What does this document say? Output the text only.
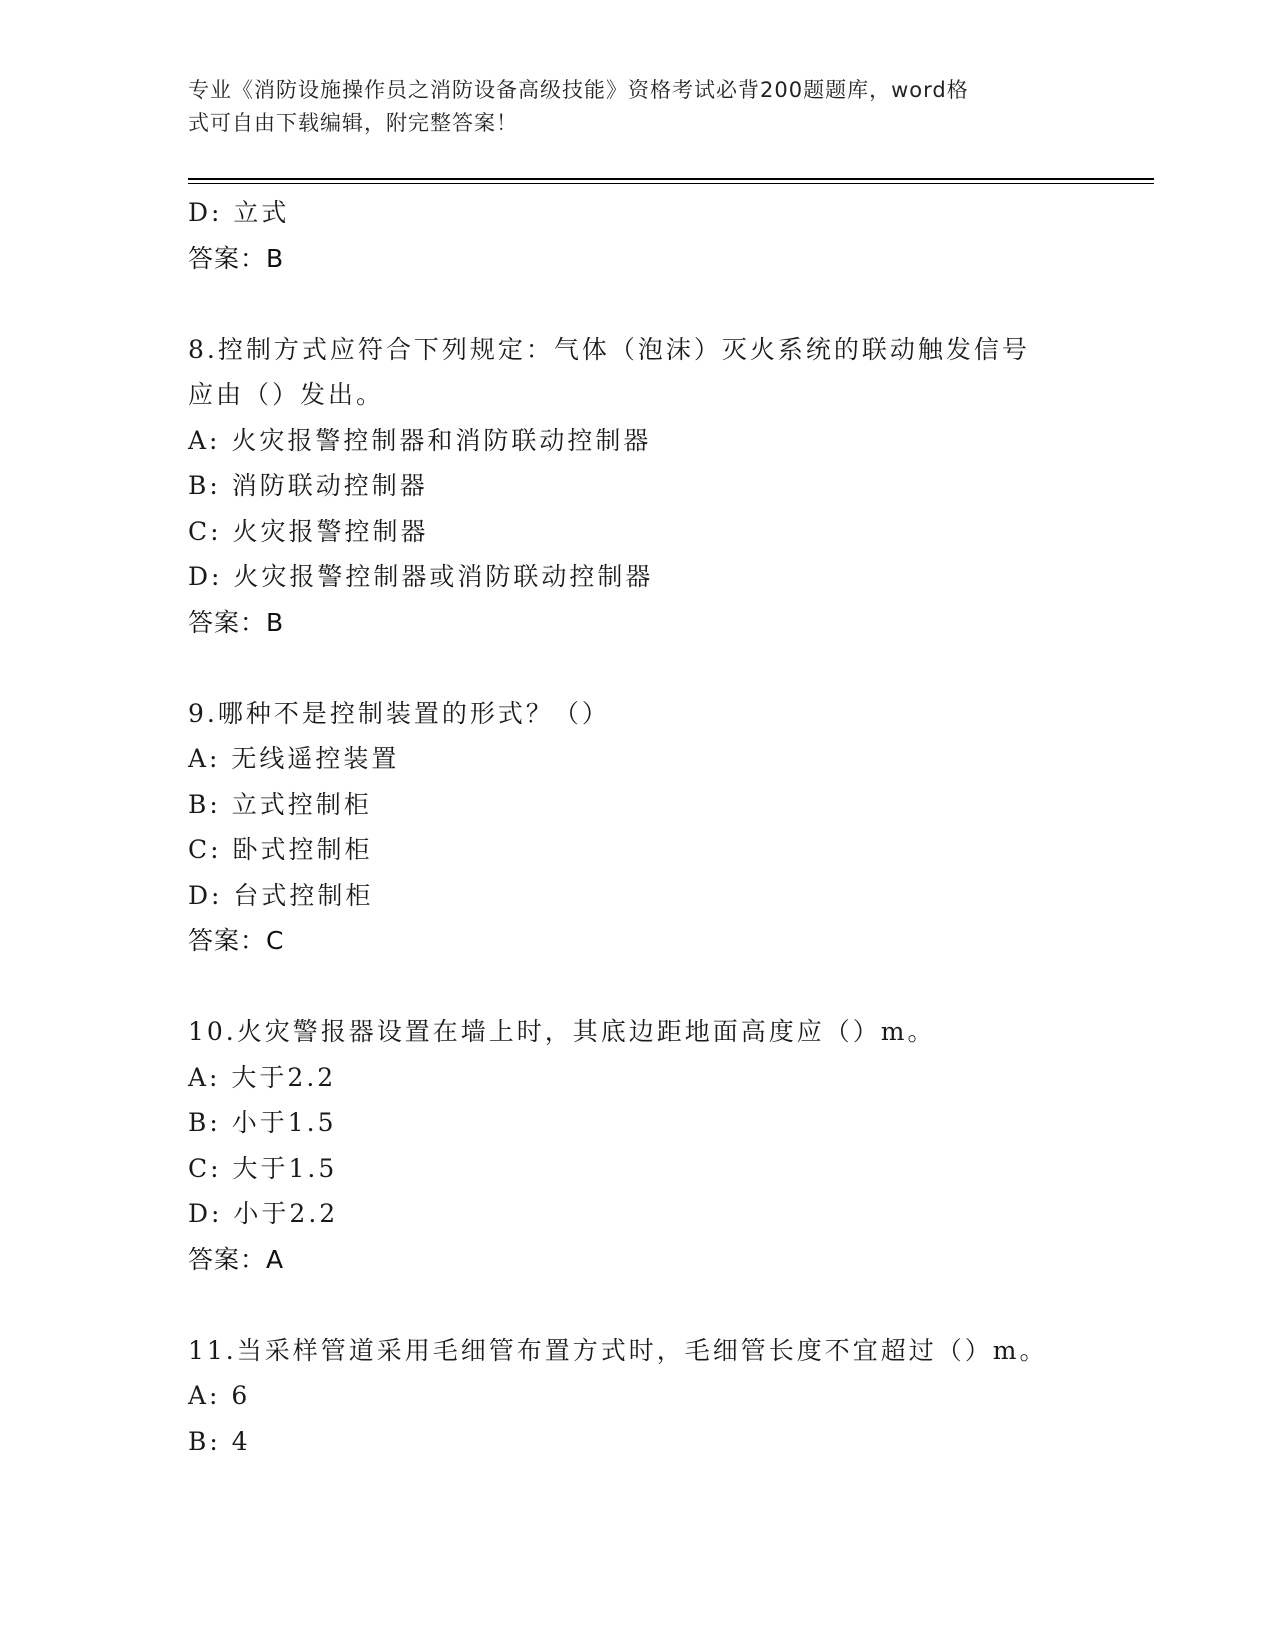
专业《消防设施操作员之消防设备高级技能》资格考试必背200题题库，word格
式可自由下载编辑，附完整答案！
D: 立式
答案：B
8.控制方式应符合下列规定：气体（泡沫）灭火系统的联动触发信号
应由（）发出。
A: 火灾报警控制器和消防联动控制器
B: 消防联动控制器
C: 火灾报警控制器
D: 火灾报警控制器或消防联动控制器
答案：B
9.哪种不是控制装置的形式？（）
A: 无线遥控装置
B: 立式控制柜
C: 卧式控制柜
D: 台式控制柜
答案：C
10.火灾警报器设置在墙上时，其底边距地面高度应（）m。
A: 大于2.2
B: 小于1.5
C: 大于1.5
D: 小于2.2
答案：A
11.当采样管道采用毛细管布置方式时，毛细管长度不宜超过（）m。
A: 6
B: 4
